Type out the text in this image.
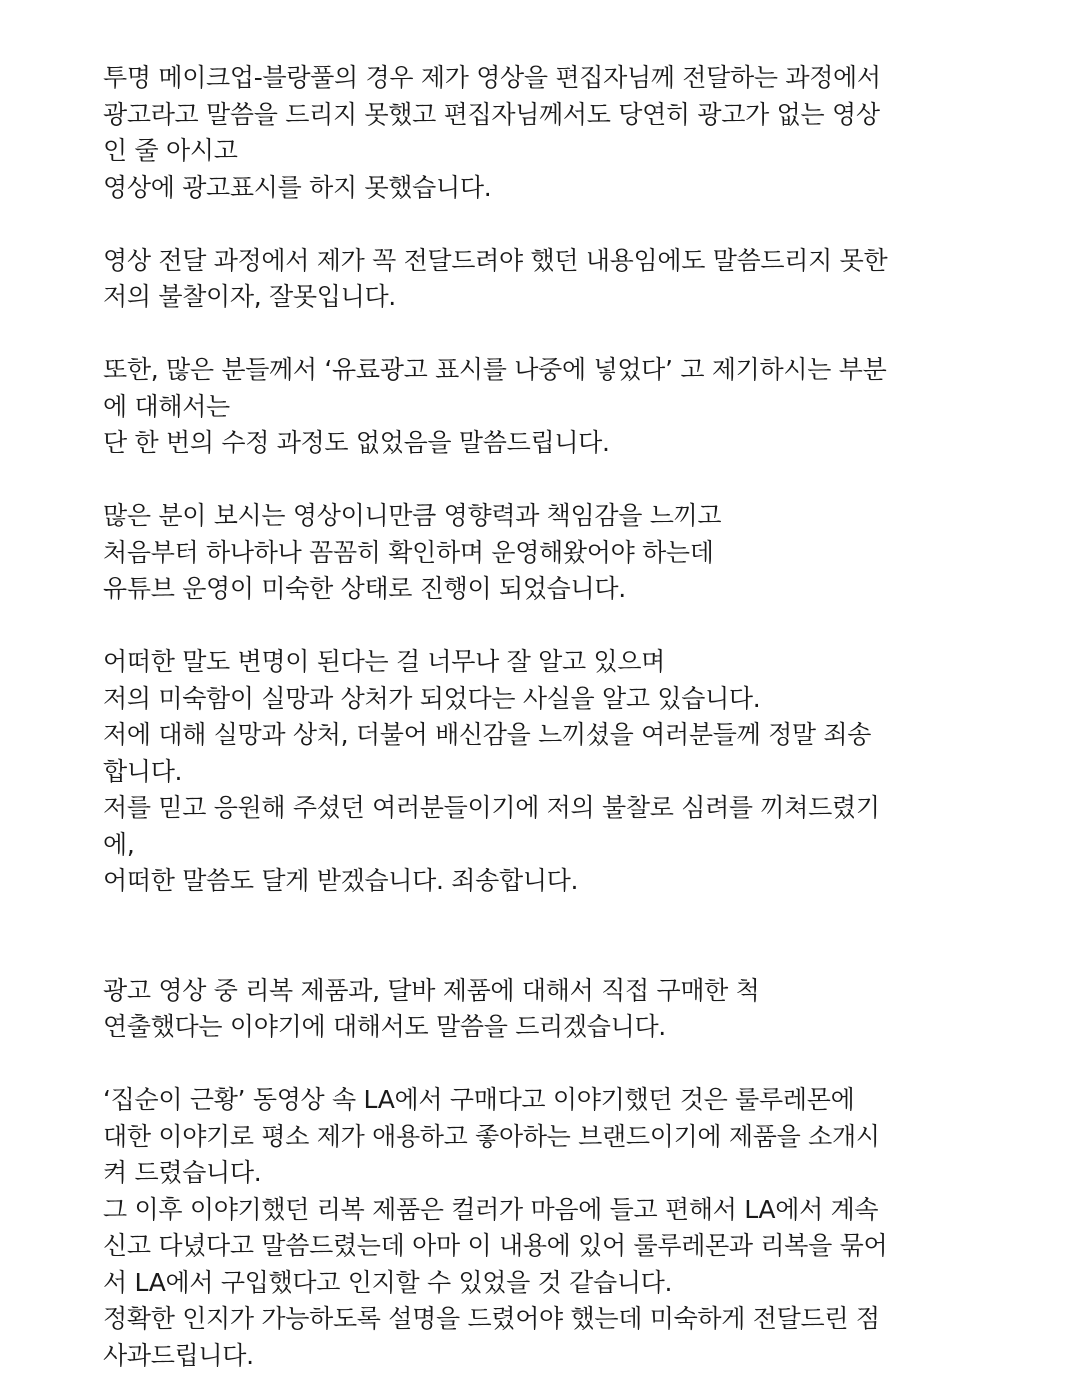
투명 메이크업-블랑풀의 경우 제가 영상을 편집자님께 전달하는 과정에서
광고라고 말씀을 드리지 못했고 편집자님께서도 당연히 광고가 없는 영상
인 줄 아시고
영상에 광고표시를 하지 못했습니다.
영상 전달 과정에서 제가 꼭 전달드려야 했던 내용임에도 말씀드리지 못한
저의 불찰이자, 잘못입니다.
또한, 많은 분들께서 ‘유료광고 표시를 나중에 넣었다’ 고 제기하시는 부분
에 대해서는
단 한 번의 수정 과정도 없었음을 말씀드립니다.
많은 분이 보시는 영상이니만큼 영향력과 책임감을 느끼고
처음부터 하나하나 꼼꼼히 확인하며 운영해왔어야 하는데
유튜브 운영이 미숙한 상태로 진행이 되었습니다.
어떠한 말도 변명이 된다는 걸 너무나 잘 알고 있으며
저의 미숙함이 실망과 상처가 되었다는 사실을 알고 있습니다.
저에 대해 실망과 상처, 더불어 배신감을 느끼셨을 여러분들께 정말 죄송
합니다.
저를 믿고 응원해 주셨던 여러분들이기에 저의 불찰로 심려를 끼쳐드렸기
에,
어떠한 말씀도 달게 받겠습니다. 죄송합니다.
광고 영상 중 리복 제품과, 달바 제품에 대해서 직접 구매한 척
연출했다는 이야기에 대해서도 말씀을 드리겠습니다.
‘집순이 근황’ 동영상 속 LA에서 구매다고 이야기했던 것은 룰루레몬에
대한 이야기로 평소 제가 애용하고 좋아하는 브랜드이기에 제품을 소개시
켜 드렸습니다.
그 이후 이야기했던 리복 제품은 컬러가 마음에 들고 편해서 LA에서 계속
신고 다녔다고 말씀드렸는데 아마 이 내용에 있어 룰루레몬과 리복을 묶어
서 LA에서 구입했다고 인지할 수 있었을 것 같습니다.
정확한 인지가 가능하도록 설명을 드렸어야 했는데 미숙하게 전달드린 점
사과드립니다.
